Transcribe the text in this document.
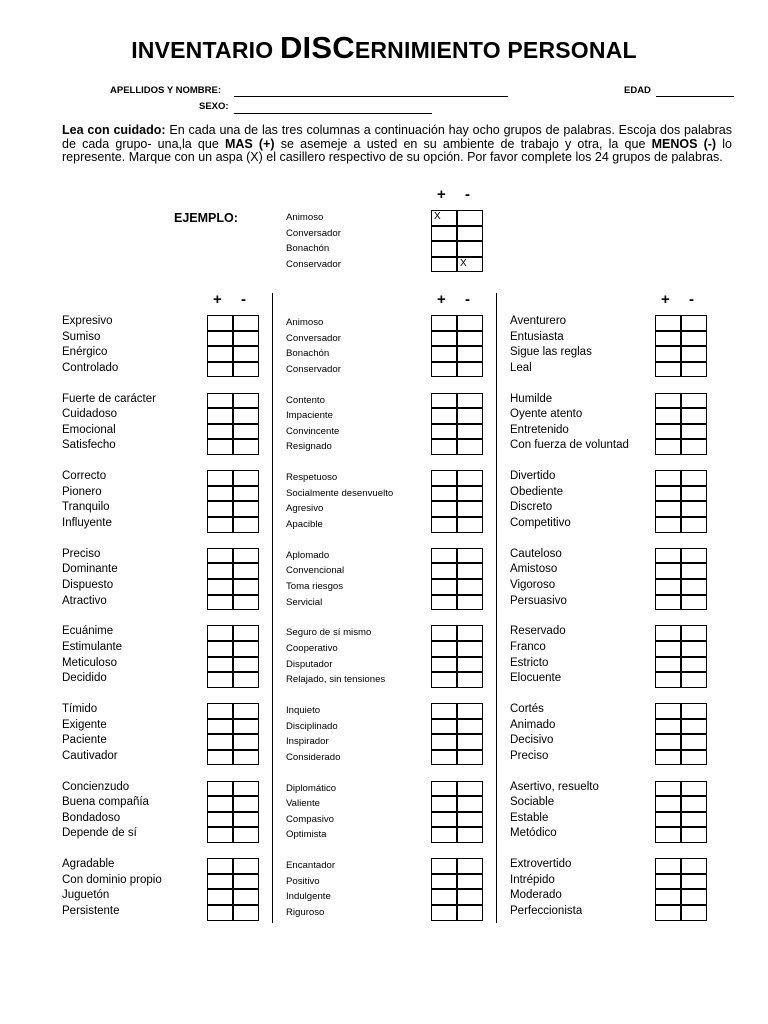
INVENTARIO DISCERNIMIENTO PERSONAL
APELLIDOS Y NOMBRE:
SEXO:
EDAD
Lea con cuidado: En cada una de las tres columnas a continuación hay ocho grupos de palabras. Escoja dos palabras de cada grupo- una,la que MAS (+) se asemeje a usted en su ambiente de trabajo y otra, la que MENOS (-) lo represente. Marque con un aspa (X) el casillero respectivo de su opción. Por favor complete los 24 grupos de palabras.
EJEMPLO:
+ -
Animoso	X
Conversador
Bonachón
Conservador	X
+ -	+ -	+ -
Expresivo
Sumiso
Enérgico
Controlado
Fuerte de carácter
Cuidadoso
Emocional
Satisfecho
Correcto
Pionero
Tranquilo
Influyente
Preciso
Dominante
Dispuesto
Atractivo
Ecuánime
Estimulante
Meticuloso
Decidido
Tímido
Exigente
Paciente
Cautivador
Concienzudo
Buena compañía
Bondadoso
Depende de sí
Agradable
Con dominio propio
Juguetón
Persistente
Animoso
Conversador
Bonachón
Conservador
Contento
Impaciente
Convincente
Resignado
Respetuoso
Socialmente desenvuelto
Agresivo
Apacible
Aplomado
Convencional
Toma riesgos
Servicial
Seguro de sí mismo
Cooperativo
Disputador
Relajado, sin tensiones
Inquieto
Disciplinado
Inspirador
Considerado
Diplomático
Valiente
Compasivo
Optimista
Encantador
Positivo
Indulgente
Riguroso
Aventurero
Entusiasta
Sigue las reglas
Leal
Humilde
Oyente atento
Entretenido
Con fuerza de voluntad
Divertido
Obediente
Discreto
Competitivo
Cauteloso
Amistoso
Vigoroso
Persuasivo
Reservado
Franco
Estricto
Elocuente
Cortés
Animado
Decisivo
Preciso
Asertivo, resuelto
Sociable
Estable
Metódico
Extrovertido
Intrépido
Moderado
Perfeccionista
